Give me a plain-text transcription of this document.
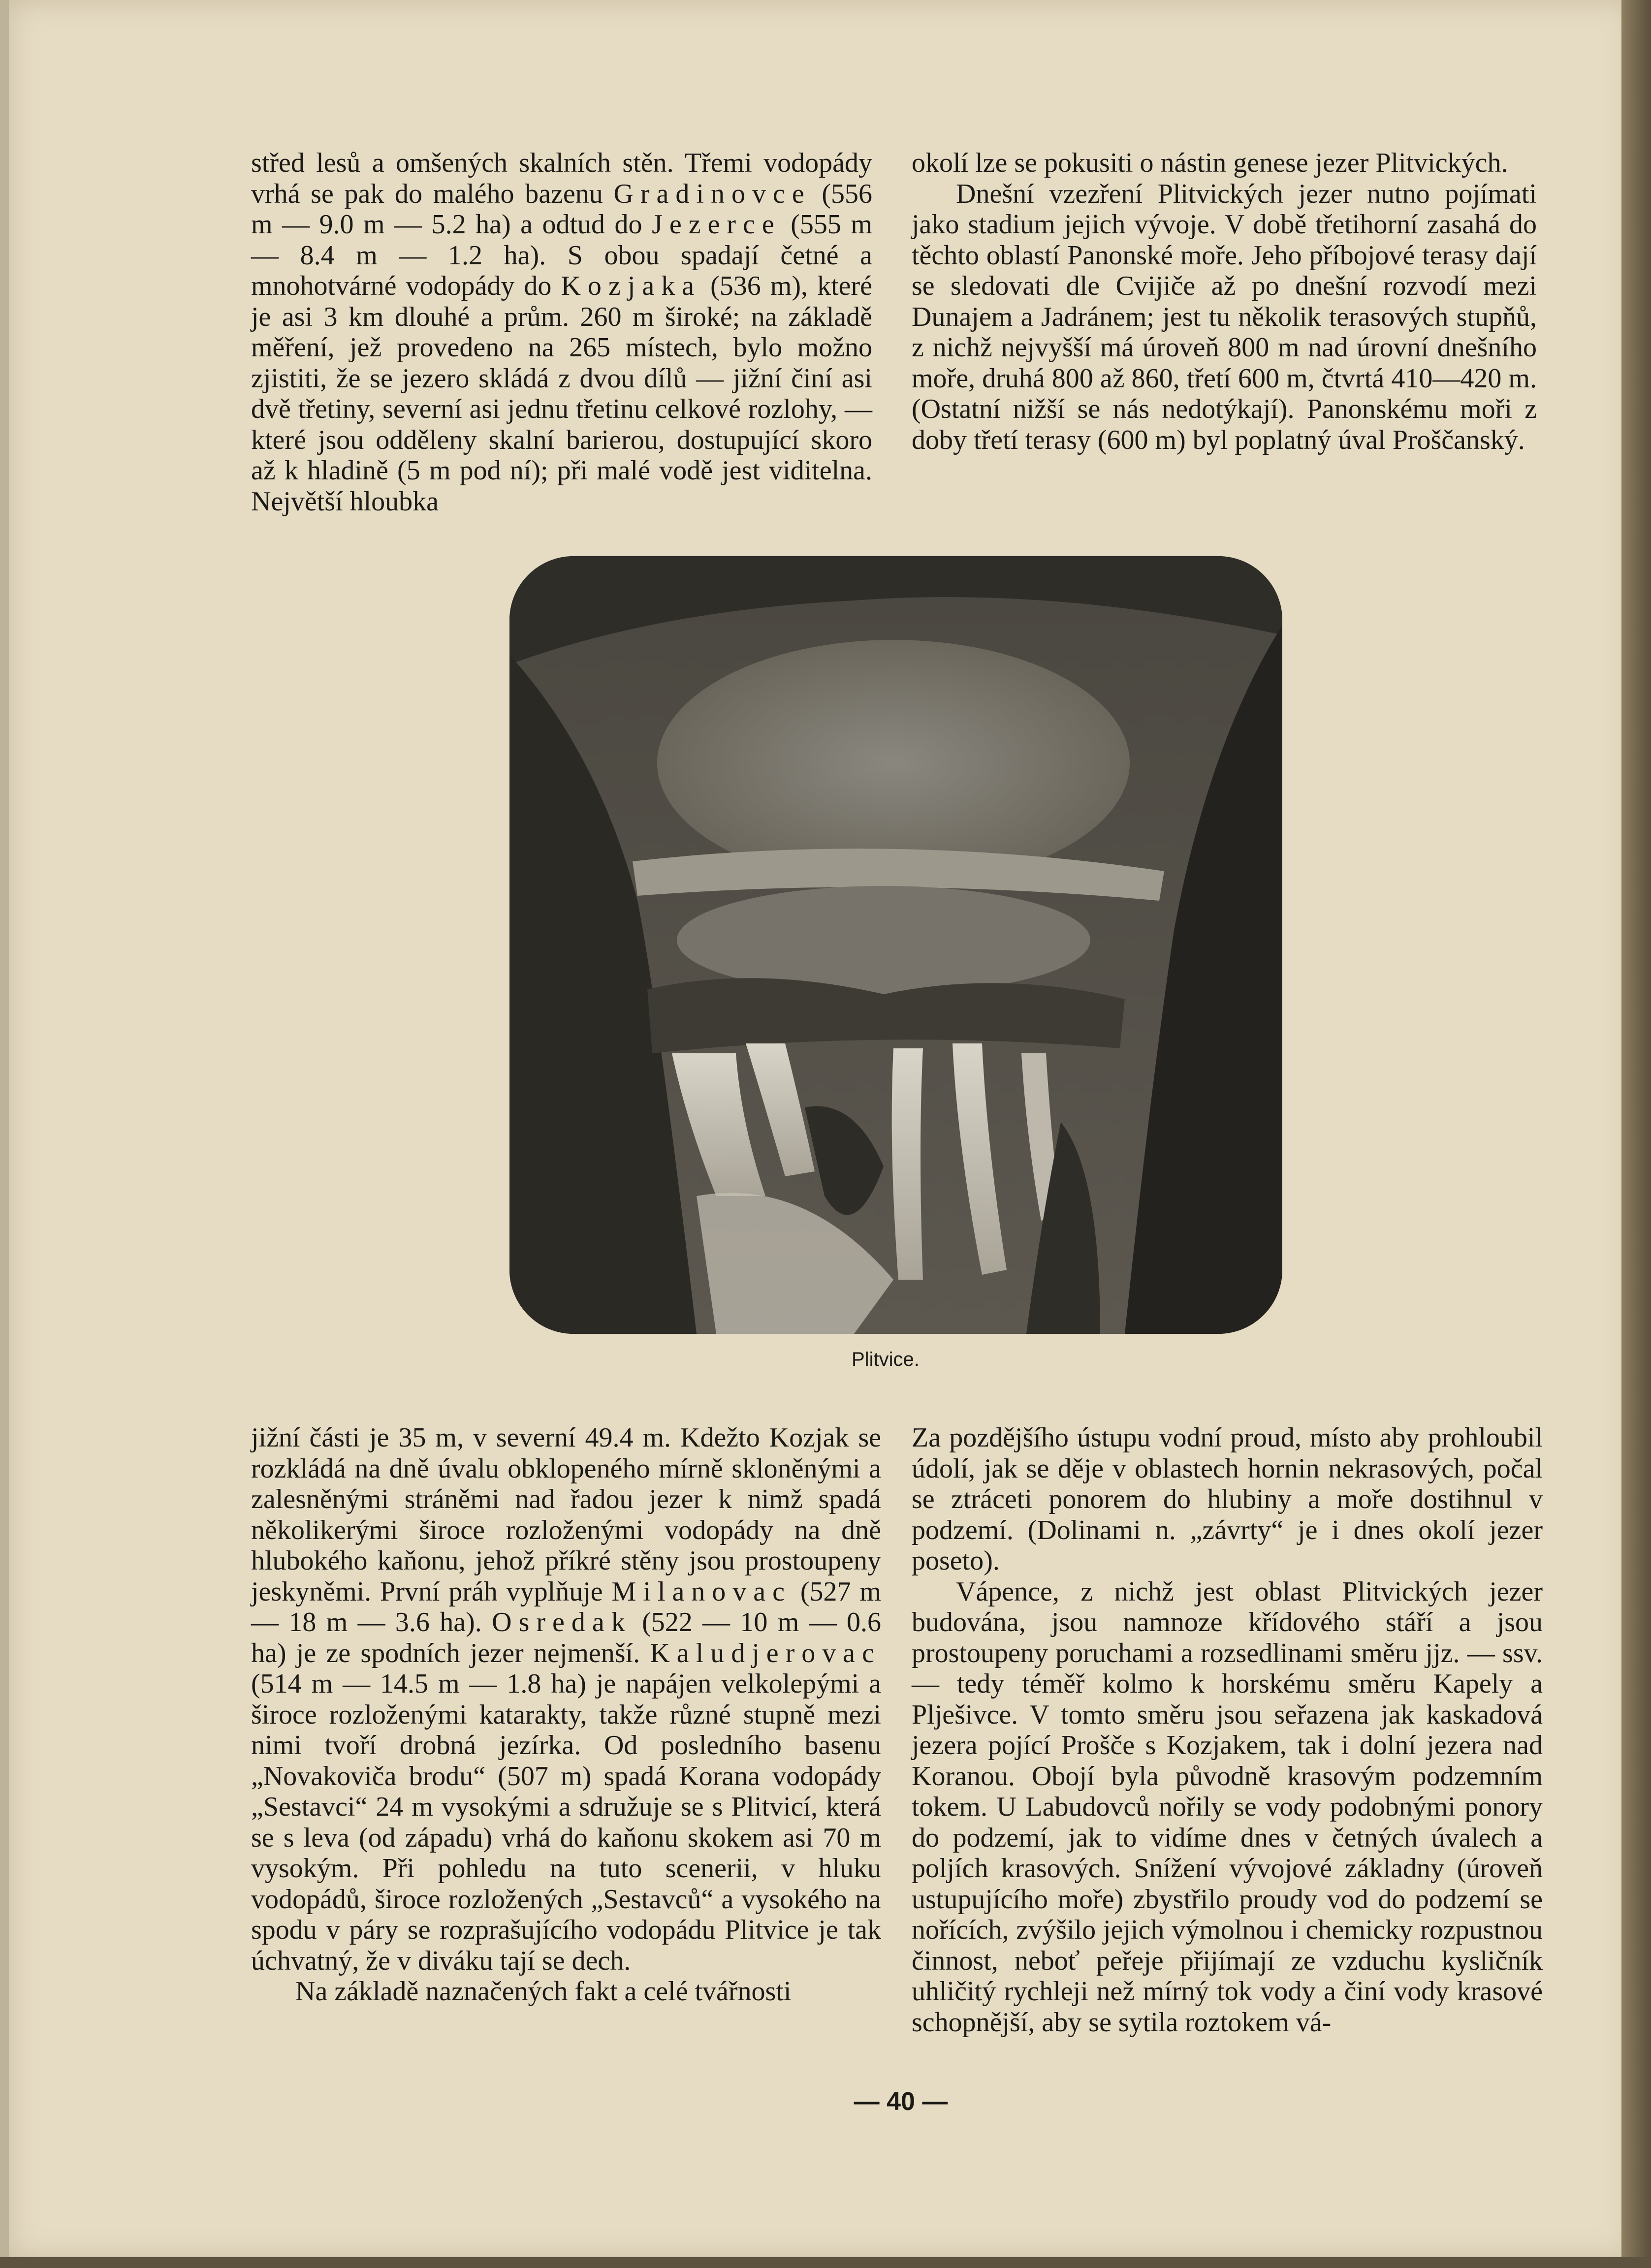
střed lesů a omšených skalních stěn. Třemi vodopády vrhá se pak do malého bazenu Gradinovce (556 m — 9.0 m — 5.2 ha) a odtud do Jezerce (555 m — 8.4 m — 1.2 ha). S obou spadají četné a mnohotvárné vodopády do Kozjaka (536 m), které je asi 3 km dlouhé a prům. 260 m široké; na základě měření, jež provedeno na 265 místech, bylo možno zjistiti, že se jezero skládá z dvou dílů — jižní činí asi dvě třetiny, severní asi jednu třetinu celkové rozlohy, — které jsou odděleny skalní barierou, dostupující skoro až k hladině (5 m pod ní); při malé vodě jest viditelna. Největší hloubka

okolí lze se pokusiti o nástin genese jezer Plitvických.

Dnešní vzezření Plitvických jezer nutno pojímati jako stadium jejich vývoje. V době třetihorní zasahá do těchto oblastí Panonské moře. Jeho příbojové terasy dají se sledovati dle Cvijiče až po dnešní rozvodí mezi Dunajem a Jadránem; jest tu několik terasových stupňů, z nichž nejvyšší má úroveň 800 m nad úrovní dnešního moře, druhá 800 až 860, třetí 600 m, čtvrtá 410—420 m. (Ostatní nižší se nás nedotýkají). Panonskému moři z doby třetí terasy (600 m) byl poplatný úval Proščanský.

Plitvice.

jižní části je 35 m, v severní 49.4 m. Kdežto Kozjak se rozkládá na dně úvalu obklopeného mírně skloněnými a zalesněnými stráněmi nad řadou jezer k nimž spadá několikerými široce rozloženými vodopády na dně hlubokého kaňonu, jehož příkré stěny jsou prostoupeny jeskyněmi. První práh vyplňuje Milanovac (527 m — 18 m — 3.6 ha). Osredak (522 — 10 m — 0.6 ha) je ze spodních jezer nejmenší. Kaludjerovac (514 m — 14.5 m — 1.8 ha) je napájen velkolepými a široce rozloženými katarakty, takže různé stupně mezi nimi tvoří drobná jezírka. Od posledního basenu „Novakoviča brodu“ (507 m) spadá Korana vodopády „Sestavci“ 24 m vysokými a sdružuje se s Plitvicí, která se s leva (od západu) vrhá do kaňonu skokem asi 70 m vysokým. Při pohledu na tuto scenerii, v hluku vodopádů, široce rozložených „Sestavců“ a vysokého na spodu v páry se rozprašujícího vodopádu Plitvice je tak úchvatný, že v diváku tají se dech.

Na základě naznačených fakt a celé tvářnosti

Za pozdějšího ústupu vodní proud, místo aby prohloubil údolí, jak se děje v oblastech hornin nekrasových, počal se ztráceti ponorem do hlubiny a moře dostihnul v podzemí. (Dolinami n. „závrty“ je i dnes okolí jezer poseto).

Vápence, z nichž jest oblast Plitvických jezer budována, jsou namnoze křídového stáří a jsou prostoupeny poruchami a rozsedlinami směru jjz. — ssv. — tedy téměř kolmo k horskému směru Kapely a Plješivce. V tomto směru jsou seřazena jak kaskadová jezera pojící Prošče s Kozjakem, tak i dolní jezera nad Koranou. Obojí byla původně krasovým podzemním tokem. U Labudovců nořily se vody podobnými ponory do podzemí, jak to vidíme dnes v četných úvalech a poljích krasových. Snížení vývojové základny (úroveň ustupujícího moře) zbystřilo proudy vod do podzemí se nořících, zvýšilo jejich výmolnou i chemicky rozpustnou činnost, neboť peřeje přijímají ze vzduchu kysličník uhličitý rychleji než mírný tok vody a činí vody krasové schopnější, aby se sytila roztokem vá-

— 40 —
